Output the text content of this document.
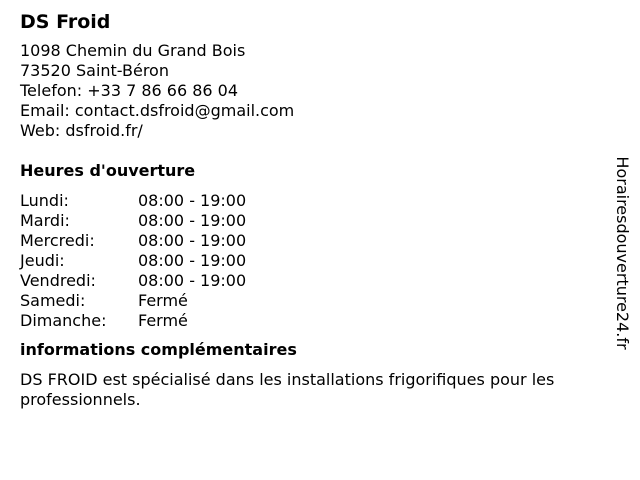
DS Froid
1098 Chemin du Grand Bois
73520 Saint-Béron
Telefon: +33 7 86 66 86 04
Email: contact.dsfroid@gmail.com
Web: dsfroid.fr/
Heures d'ouverture
Lundi:	08:00 - 19:00
Mardi:	08:00 - 19:00
Mercredi:	08:00 - 19:00
Jeudi:	08:00 - 19:00
Vendredi:	08:00 - 19:00
Samedi:	Fermé
Dimanche:	Fermé
informations complémentaires

DS FROID est spécialisé dans les installations frigorifiques pour les professionnels.

Horairesdouverture24.fr
